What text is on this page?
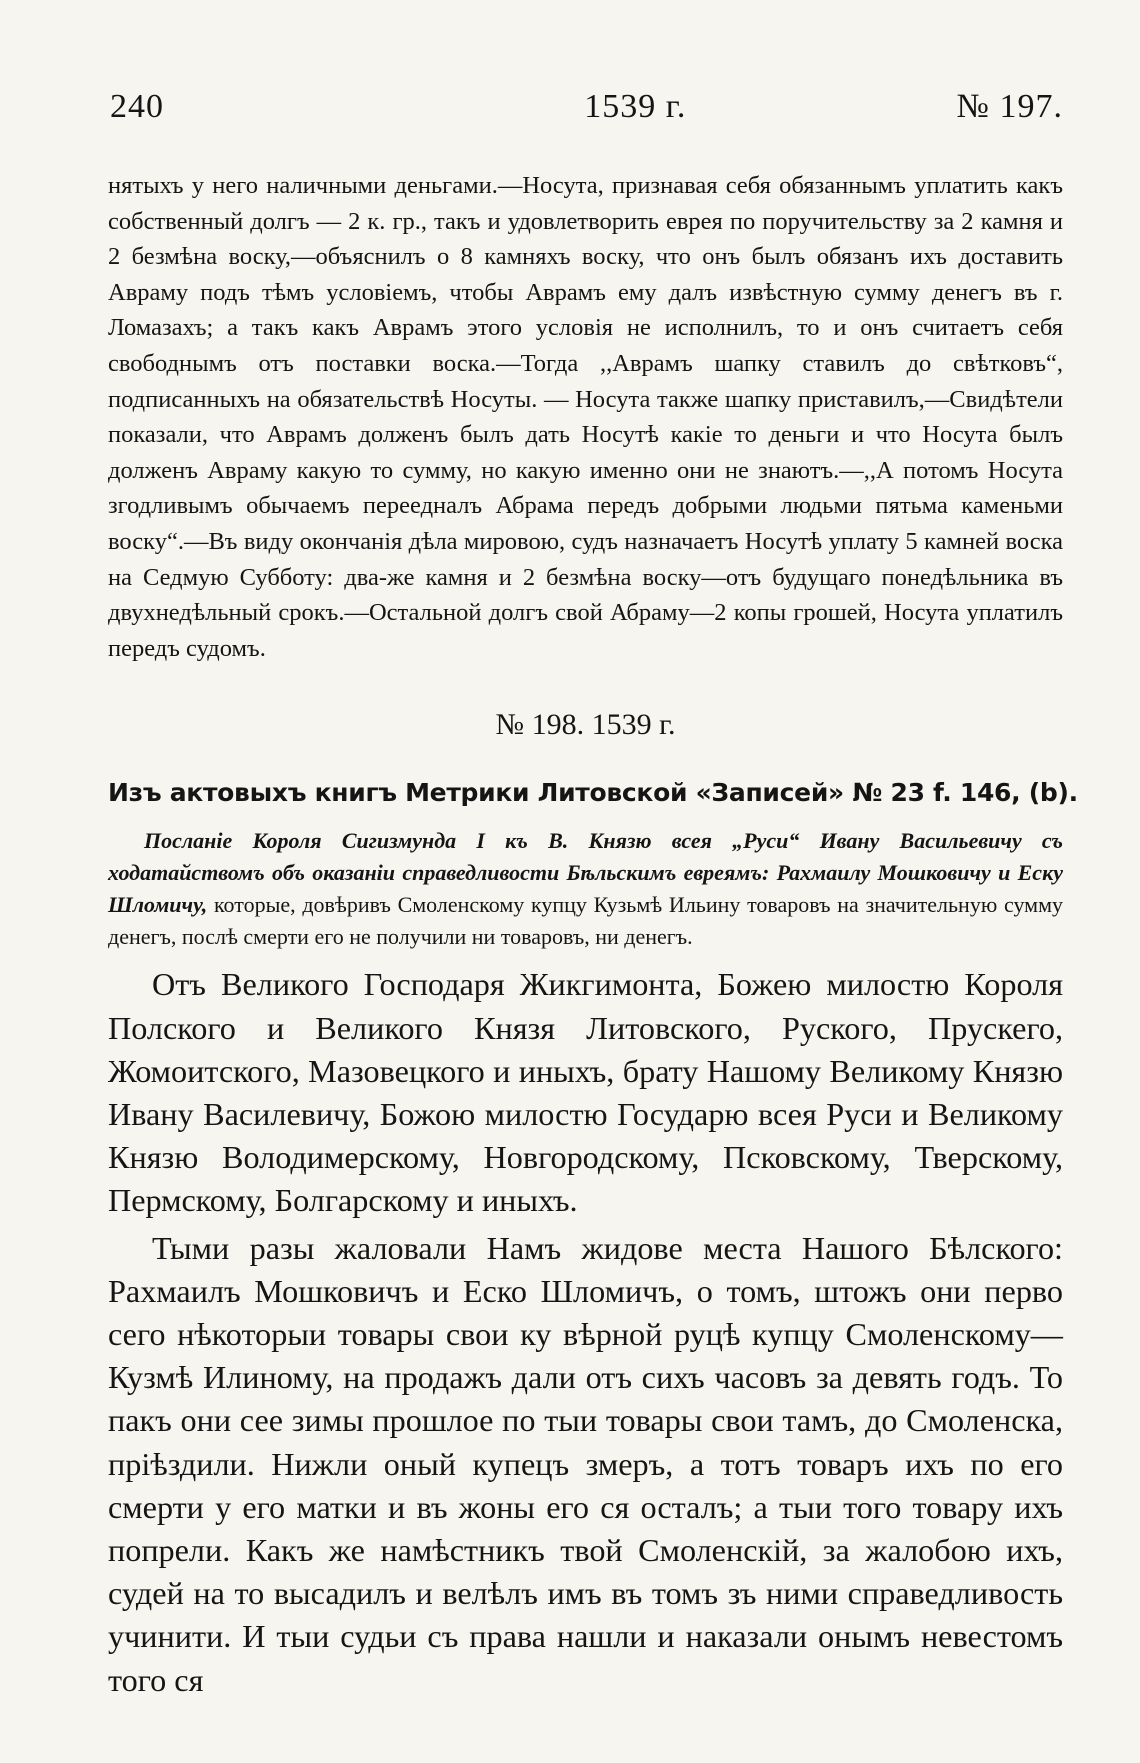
240	1539 г.	№ 197.

нятыхъ у него наличными деньгами.—Носута, признавая себя обязаннымъ уплатить какъ собственный долгъ — 2 к. гр., такъ и удовлетворить еврея по поручительству за 2 камня и 2 безмѣна воску,—объяснилъ о 8 камняхъ воску, что онъ былъ обязанъ ихъ доставить Авраму подъ тѣмъ условіемъ, чтобы Аврамъ ему далъ извѣстную сумму денегъ въ г. Ломазахъ; а такъ какъ Аврамъ этого условія не исполнилъ, то и онъ считаетъ себя свободнымъ отъ поставки воска.—Тогда ,,Аврамъ шапку ставилъ до свѣтковъ“, подписанныхъ на обязательствѣ Носуты. — Носута также шапку приставилъ,—Свидѣтели показали, что Аврамъ долженъ былъ дать Носутѣ какіе то деньги и что Носута былъ долженъ Авраму какую то сумму, но какую именно они не знаютъ.—,,А потомъ Носута згодливымъ обычаемъ переедналъ Абрама передъ добрыми людьми пятьма каменьми воску“.—Въ виду окончанія дѣла мировою, судъ назначаетъ Носутѣ уплату 5 камней воска на Седмую Субботу: два-же камня и 2 безмѣна воску—отъ будущаго понедѣльника въ двухнедѣльный срокъ.—Остальной долгъ свой Абраму—2 копы грошей, Носута уплатилъ передъ судомъ.

№ 198. 1539 г.
Изъ актовыхъ книгъ Метрики Литовской «Записей» № 23 f. 146, (b).
Посланіе Короля Сигизмунда I къ В. Князю всея „Руси“ Ивану Васильевичу съ ходатайствомъ объ оказаніи справедливости Бѣльскимъ евреямъ: Рахмаилу Мошковичу и Еску Шломичу, которые, довѣривъ Смоленскому купцу Кузьмѣ Ильину товаровъ на значительную сумму денегъ, послѣ смерти его не получили ни товаровъ, ни денегъ.

Отъ Великого Господаря Жикгимонта, Божею милостю Короля Полского и Великого Князя Литовского, Руского, Прускего, Жомоитского, Мазовецкого и иныхъ, брату Нашому Великому Князю Ивану Василевичу, Божою милостю Государю всея Руси и Великому Князю Володимерскому, Новгородскому, Псковскому, Тверскому, Пермскому, Болгарскому и иныхъ.

Тыми разы жаловали Намъ жидове места Нашого Бѣлского: Рахмаилъ Мошковичъ и Еско Шломичъ, о томъ, штожъ они перво сего нѣкоторыи товары свои ку вѣрной руцѣ купцу Смоленскому—Кузмѣ Илиному, на продажъ дали отъ сихъ часовъ за девять годъ. То пакъ они сее зимы прошлое по тыи товары свои тамъ, до Смоленска, пріѣздили. Нижли оный купецъ змеръ, а тотъ товаръ ихъ по его смерти у его матки и въ жоны его ся осталъ; а тыи того товару ихъ попрели. Какъ же намѣстникъ твой Смоленскій, за жалобою ихъ, судей на то высадилъ и велѣлъ имъ въ томъ зъ ними справедливость учинити. И тыи судьи съ права нашли и наказали онымъ невестомъ того ся
